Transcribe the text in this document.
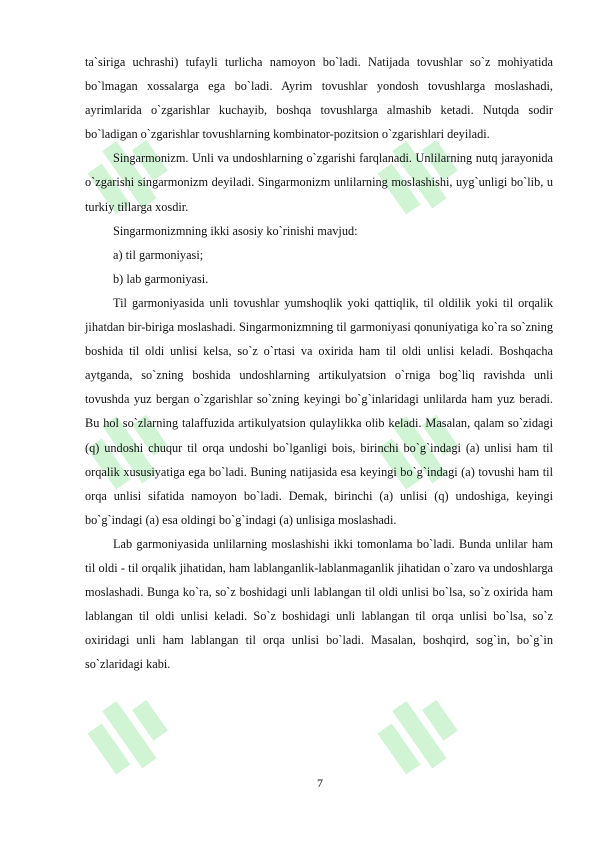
ta`siriga uchrashi) tufayli turlicha namoyon bo`ladi. Natijada tovushlar so`z mohiyatida bo`lmagan xossalarga ega bo`ladi. Ayrim tovushlar yondosh tovushlarga moslashadi, ayrimlarida o`zgarishlar kuchayib, boshqa tovushlarga almashib ketadi. Nutqda sodir bo`ladigan o`zgarishlar tovushlarning kombinator-pozitsion o`zgarishlari deyiladi.

Singarmonizm. Unli va undoshlarning o`zgarishi farqlanadi. Unlilarning nutq jarayonida o`zgarishi singarmonizm deyiladi. Singarmonizm unlilarning moslashishi, uyg`unligi bo`lib, u turkiy tillarga xosdir.

Singarmonizmning ikki asosiy ko`rinishi mavjud:

a) til garmoniyasi;

b) lab garmoniyasi.

Til garmoniyasida unli tovushlar yumshoqlik yoki qattiqlik, til oldilik yoki til orqalik jihatdan bir-biriga moslashadi. Singarmonizmning til garmoniyasi qonuniyatiga ko`ra so`zning boshida til oldi unlisi kelsa, so`z o`rtasi va oxirida ham til oldi unlisi keladi. Boshqacha aytganda, so`zning boshida undoshlarning artikulyatsion o`rniga bog`liq ravishda unli tovushda yuz bergan o`zgarishlar so`zning keyingi bo`g`inlaridagi unlilarda ham yuz beradi. Bu hol so`zlarning talaffuzida artikulyatsion qulaylikka olib keladi. Masalan, qalam so`zidagi (q) undoshi chuqur til orqa undoshi bo`lganligi bois, birinchi bo`g`indagi (a) unlisi ham til orqalik xususiyatiga ega bo`ladi. Buning natijasida esa keyingi bo`g`indagi (a) tovushi ham til orqa unlisi sifatida namoyon bo`ladi. Demak, birinchi (a) unlisi (q) undoshiga, keyingi bo`g`indagi (a) esa oldingi bo`g`indagi (a) unlisiga moslashadi.

Lab garmoniyasida unlilarning moslashishi ikki tomonlama bo`ladi. Bunda unlilar ham til oldi - til orqalik jihatidan, ham lablanganlik-lablanmaganlik jihatidan o`zaro va undoshlarga moslashadi. Bunga ko`ra, so`z boshidagi unli lablangan til oldi unlisi bo`lsa, so`z oxirida ham lablangan til oldi unlisi keladi. So`z boshidagi unli lablangan til orqa unlisi bo`lsa, so`z oxiridagi unli ham lablangan til orqa unlisi bo`ladi. Masalan, boshqird, sog`in, bo`g`in so`zlaridagi kabi.

7
